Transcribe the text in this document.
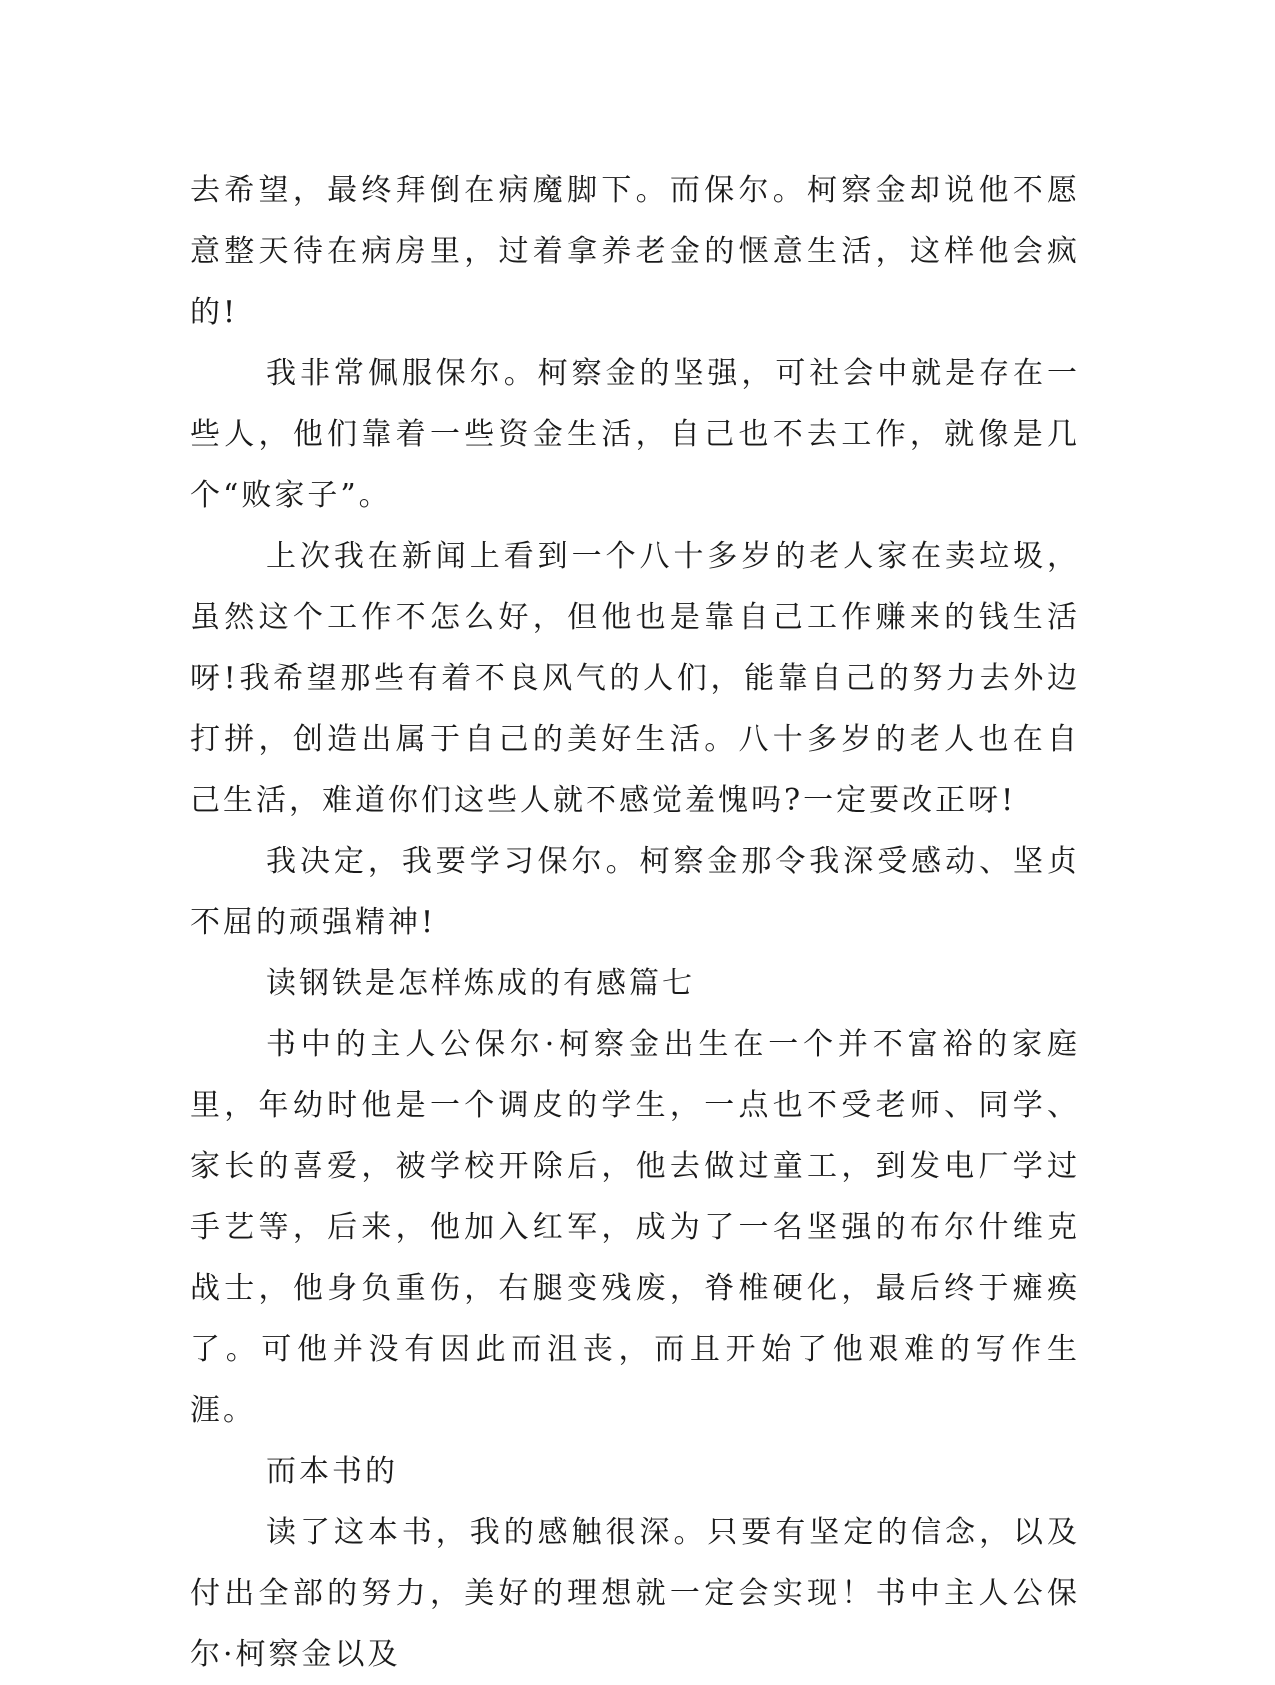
去希望，最终拜倒在病魔脚下。而保尔。柯察金却说他不愿意整天待在病房里，过着拿养老金的惬意生活，这样他会疯的!

我非常佩服保尔。柯察金的坚强，可社会中就是存在一些人，他们靠着一些资金生活，自己也不去工作，就像是几个“败家子”。

上次我在新闻上看到一个八十多岁的老人家在卖垃圾，虽然这个工作不怎么好，但他也是靠自己工作赚来的钱生活呀!我希望那些有着不良风气的人们，能靠自己的努力去外边打拼，创造出属于自己的美好生活。八十多岁的老人也在自己生活，难道你们这些人就不感觉羞愧吗?一定要改正呀!

我决定，我要学习保尔。柯察金那令我深受感动、坚贞不屈的顽强精神!

读钢铁是怎样炼成的有感篇七

书中的主人公保尔·柯察金出生在一个并不富裕的家庭里，年幼时他是一个调皮的学生，一点也不受老师、同学、家长的喜爱，被学校开除后，他去做过童工，到发电厂学过手艺等，后来，他加入红军，成为了一名坚强的布尔什维克战士，他身负重伤，右腿变残废，脊椎硬化，最后终于瘫痪了。可他并没有因此而沮丧，而且开始了他艰难的写作生涯。

而本书的

读了这本书，我的感触很深。只要有坚定的信念，以及付出全部的努力，美好的理想就一定会实现！书中主人公保尔·柯察金以及
